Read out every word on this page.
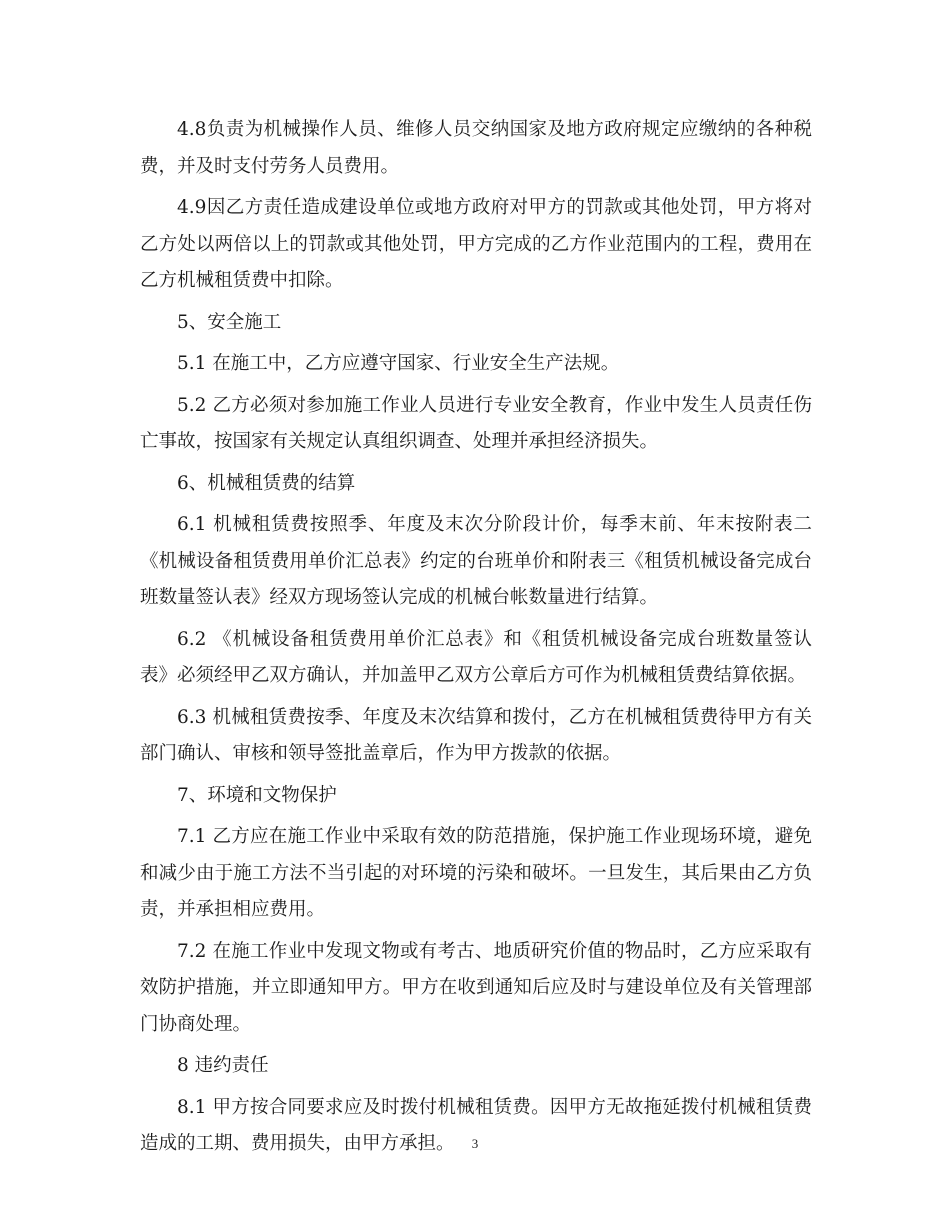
4.8负责为机械操作人员、维修人员交纳国家及地方政府规定应缴纳的各种税费，并及时支付劳务人员费用。

4.9因乙方责任造成建设单位或地方政府对甲方的罚款或其他处罚，甲方将对乙方处以两倍以上的罚款或其他处罚，甲方完成的乙方作业范围内的工程，费用在乙方机械租赁费中扣除。

5、安全施工

5.1 在施工中，乙方应遵守国家、行业安全生产法规。

5.2 乙方必须对参加施工作业人员进行专业安全教育，作业中发生人员责任伤亡事故，按国家有关规定认真组织调查、处理并承担经济损失。

6、机械租赁费的结算

6.1 机械租赁费按照季、年度及末次分阶段计价，每季末前、年末按附表二《机械设备租赁费用单价汇总表》约定的台班单价和附表三《租赁机械设备完成台班数量签认表》经双方现场签认完成的机械台帐数量进行结算。

6.2 《机械设备租赁费用单价汇总表》和《租赁机械设备完成台班数量签认表》必须经甲乙双方确认，并加盖甲乙双方公章后方可作为机械租赁费结算依据。

6.3 机械租赁费按季、年度及末次结算和拨付，乙方在机械租赁费待甲方有关部门确认、审核和领导签批盖章后，作为甲方拨款的依据。

7、环境和文物保护

7.1 乙方应在施工作业中采取有效的防范措施，保护施工作业现场环境，避免和减少由于施工方法不当引起的对环境的污染和破坏。一旦发生，其后果由乙方负责，并承担相应费用。

7.2 在施工作业中发现文物或有考古、地质研究价值的物品时，乙方应采取有效防护措施，并立即通知甲方。甲方在收到通知后应及时与建设单位及有关管理部门协商处理。

8 违约责任

8.1 甲方按合同要求应及时拨付机械租赁费。因甲方无故拖延拨付机械租赁费造成的工期、费用损失，由甲方承担。	3
